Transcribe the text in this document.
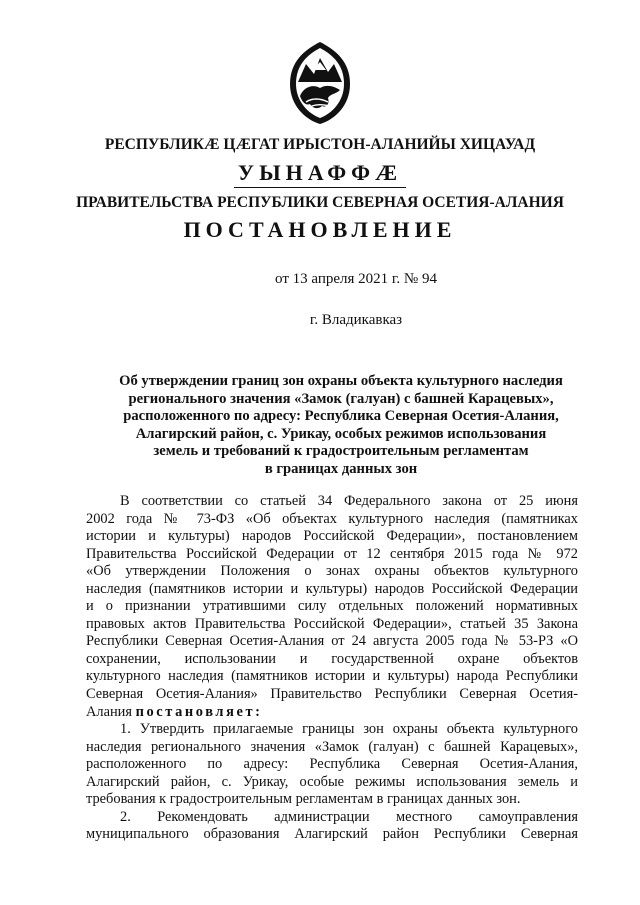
РЕСПУБЛИКÆ ЦÆГАТ ИРЫСТОН-АЛАНИЙЫ ХИЦАУАД
УЫНАФФÆ
ПРАВИТЕЛЬСТВА РЕСПУБЛИКИ СЕВЕРНАЯ ОСЕТИЯ-АЛАНИЯ
ПОСТАНОВЛЕНИЕ
от 13 апреля 2021 г. № 94
г. Владикавказ
Об утверждении границ зон охраны объекта культурного наследия
регионального значения «Замок (галуан) с башней Карацевых»,
расположенного по адресу: Республика Северная Осетия-Алания,
Алагирский район, с. Урикау, особых режимов использования
земель и требований к градостроительным регламентам
в границах данных зон
В соответствии со статьей 34 Федерального закона от 25 июня
2002 года № 73-ФЗ «Об объектах культурного наследия (памятниках
истории и культуры) народов Российской Федерации», постановлением
Правительства Российской Федерации от 12 сентября 2015 года № 972
«Об утверждении Положения о зонах охраны объектов культурного
наследия (памятников истории и культуры) народов Российской Федерации
и о признании утратившими силу отдельных положений нормативных
правовых актов Правительства Российской Федерации», статьей 35 Закона
Республики Северная Осетия-Алания от 24 августа 2005 года № 53-РЗ «О
сохранении, использовании и государственной охране объектов
культурного наследия (памятников истории и культуры) народа Республики
Северная Осетия-Алания» Правительство Республики Северная Осетия-
Алания постановляет:
1. Утвердить прилагаемые границы зон охраны объекта культурного
наследия регионального значения «Замок (галуан) с башней Карацевых»,
расположенного по адресу: Республика Северная Осетия-Алания,
Алагирский район, с. Урикау, особые режимы использования земель и
требования к градостроительным регламентам в границах данных зон.
2. Рекомендовать администрации местного самоуправления
муниципального образования Алагирский район Республики Северная
